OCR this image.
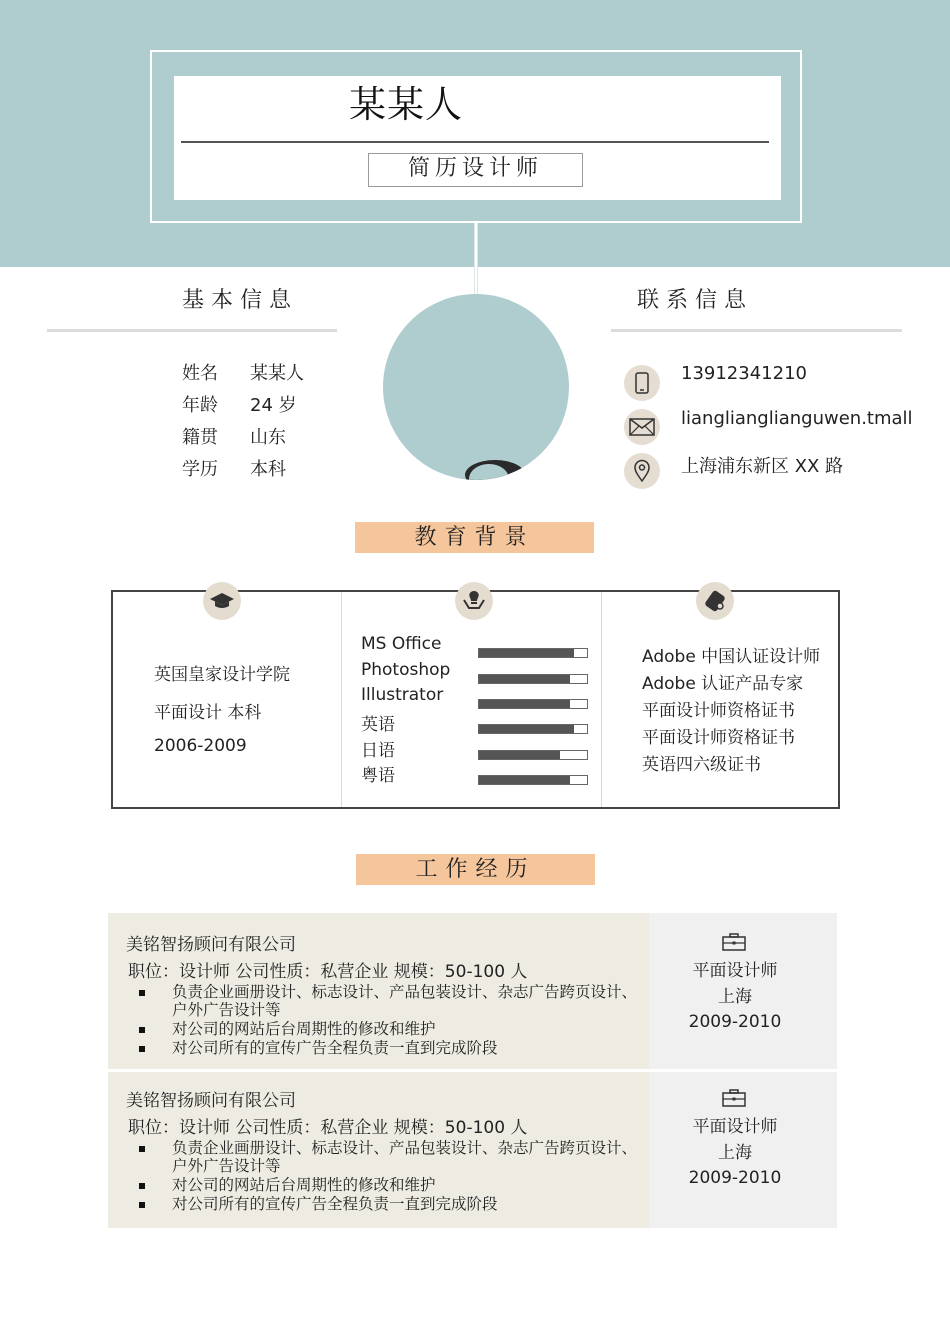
某某人
简历设计师
基本信息
姓名 某某人
年龄 24 岁
籍贯 山东
学历 本科
联系信息
13912341210
lianglianglianguwen.tmall
上海浦东新区 XX 路
教育背景
英国皇家设计学院
平面设计 本科
2006-2009
MS Office
Photoshop
Illustrator
英语
日语
粤语
Adobe 中国认证设计师
Adobe 认证产品专家
平面设计师资格证书
平面设计师资格证书
英语四六级证书
工作经历
美铭智扬顾问有限公司
职位：设计师 公司性质：私营企业 规模：50-100 人
负责企业画册设计、标志设计、产品包装设计、杂志广告跨页设计、户外广告设计等
对公司的网站后台周期性的修改和维护
对公司所有的宣传广告全程负责一直到完成阶段
平面设计师
上海
2009-2010
美铭智扬顾问有限公司
职位：设计师 公司性质：私营企业 规模：50-100 人
负责企业画册设计、标志设计、产品包装设计、杂志广告跨页设计、户外广告设计等
对公司的网站后台周期性的修改和维护
对公司所有的宣传广告全程负责一直到完成阶段
平面设计师
上海
2009-2010
